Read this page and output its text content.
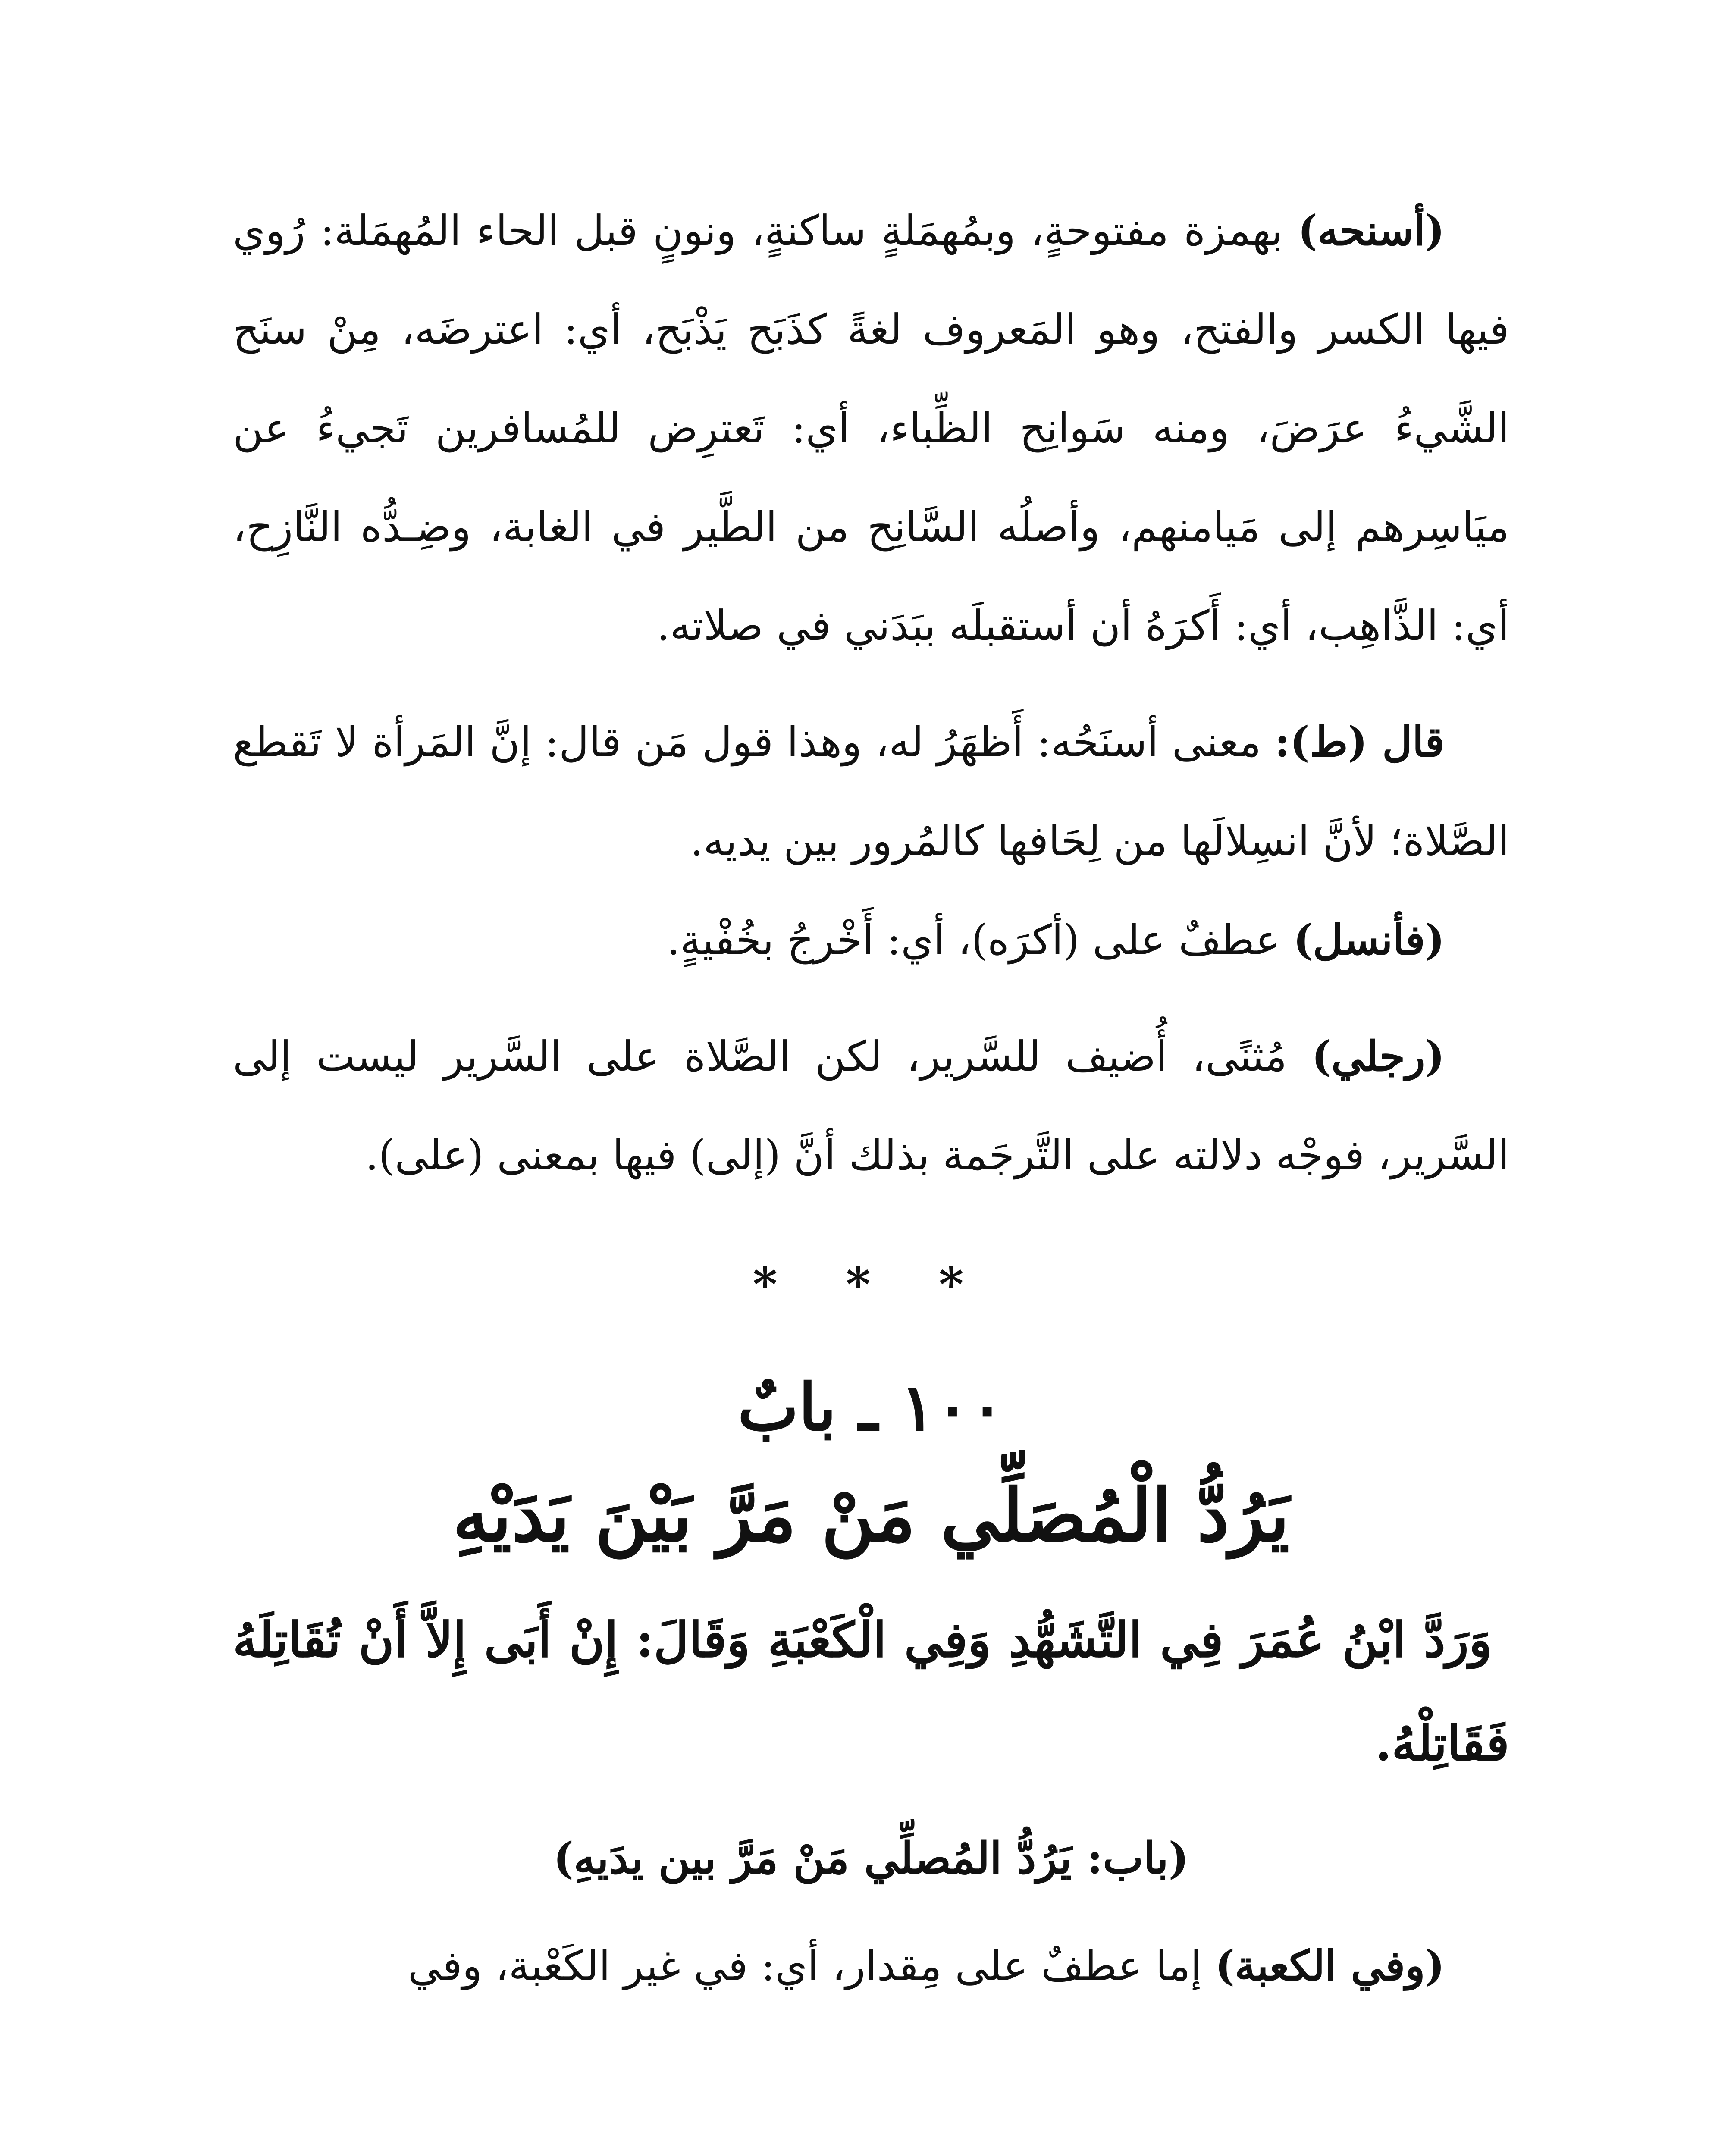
(أسنحه) بهمزة مفتوحةٍ، وبمُهمَلةٍ ساكنةٍ، ونونٍ قبل الحاء المُهمَلة: رُوي فيها الكسر والفتح، وهو المَعروف لغةً كذَبَح يَذْبَح، أي: اعترضَه، مِنْ سنَح الشَّيءُ عرَضَ، ومنه سَوانِح الظِّباء، أي: تَعترِض للمُسافرين تَجيءُ عن ميَاسِرهم إلى مَيامنهم، وأصلُه السَّانِح من الطَّير في الغابة، وضِـدُّه النَّازِح، أي: الذَّاهِب، أي: أَكرَهُ أن أستقبلَه ببَدَني في صلاته.

قال (ط): معنى أسنَحُه: أَظهَرُ له، وهذا قول مَن قال: إنَّ المَرأة لا تَقطع الصَّلاة؛ لأنَّ انسِلالَها من لِحَافها كالمُرور بين يديه.

(فأنسل) عطفٌ على (أكرَه)، أي: أَخْرجُ بخُفْيةٍ.

(رجلي) مُثنًى، أُضيف للسَّرير، لكن الصَّلاة على السَّرير ليست إلى السَّرير، فوجْه دلالته على التَّرجَمة بذلك أنَّ (إلى) فيها بمعنى (على).

* * *
١٠٠ ـ بابٌ
يَرُدُّ الْمُصَلِّي مَنْ مَرَّ بَيْنَ يَدَيْهِ

وَرَدَّ ابْنُ عُمَرَ فِي التَّشَهُّدِ وَفِي الْكَعْبَةِ وَقَالَ: إِنْ أَبَى إِلاَّ أَنْ تُقَاتِلَهُ فَقَاتِلْهُ.

(باب: يَرُدُّ المُصلِّي مَنْ مَرَّ بين يدَيهِ)

(وفي الكعبة) إما عطفٌ على مِقدار، أي: في غير الكَعْبة، وفي
